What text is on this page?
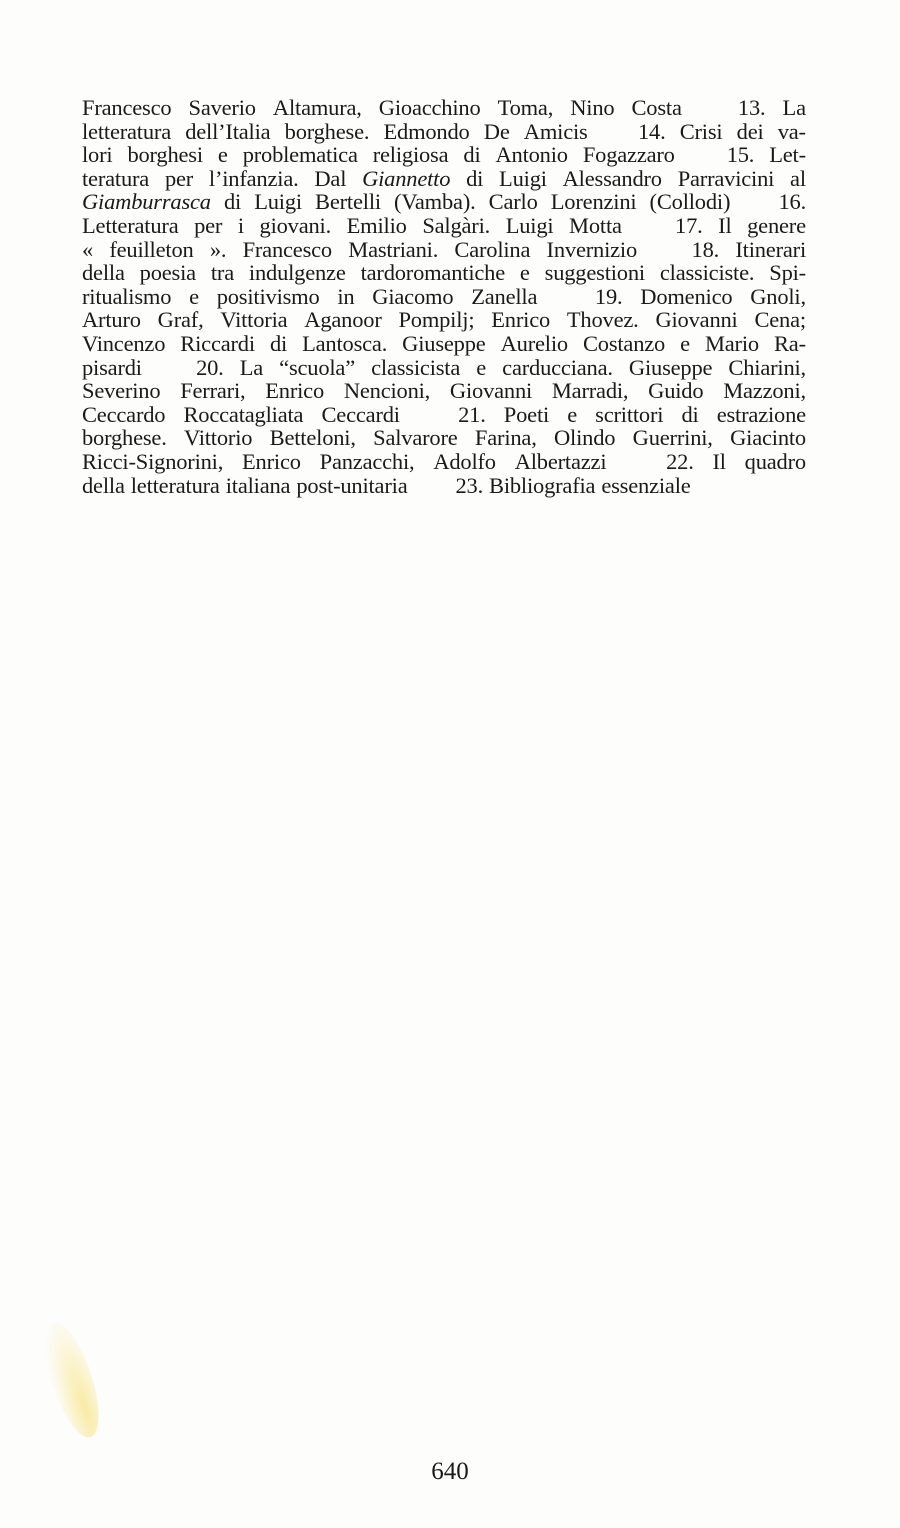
Francesco Saverio Altamura, Gioacchino Toma, Nino Costa 13. La
letteratura dell’Italia borghese. Edmondo De Amicis 14. Crisi dei va-
lori borghesi e problematica religiosa di Antonio Fogazzaro 15. Let-
teratura per l’infanzia. Dal Giannetto di Luigi Alessandro Parravicini al
Giamburrasca di Luigi Bertelli (Vamba). Carlo Lorenzini (Collodi) 16.
Letteratura per i giovani. Emilio Salgàri. Luigi Motta 17. Il genere
« feuilleton ». Francesco Mastriani. Carolina Invernizio 18. Itinerari
della poesia tra indulgenze tardoromantiche e suggestioni classiciste. Spi-
ritualismo e positivismo in Giacomo Zanella	19. Domenico Gnoli,
Arturo Graf, Vittoria Aganoor Pompilj; Enrico Thovez. Giovanni Cena;
Vincenzo Riccardi di Lantosca. Giuseppe Aurelio Costanzo e Mario Ra-
pisardi 20. La “scuola” classicista e carducciana. Giuseppe Chiarini,
Severino Ferrari, Enrico Nencioni, Giovanni Marradi, Guido Mazzoni,
Ceccardo Roccatagliata Ceccardi	21. Poeti e scrittori di estrazione
borghese. Vittorio Betteloni, Salvarore Farina, Olindo Guerrini, Giacinto
Ricci-Signorini, Enrico Panzacchi, Adolfo Albertazzi	22. Il quadro
della letteratura italiana post-unitaria 23. Bibliografia essenziale
640
